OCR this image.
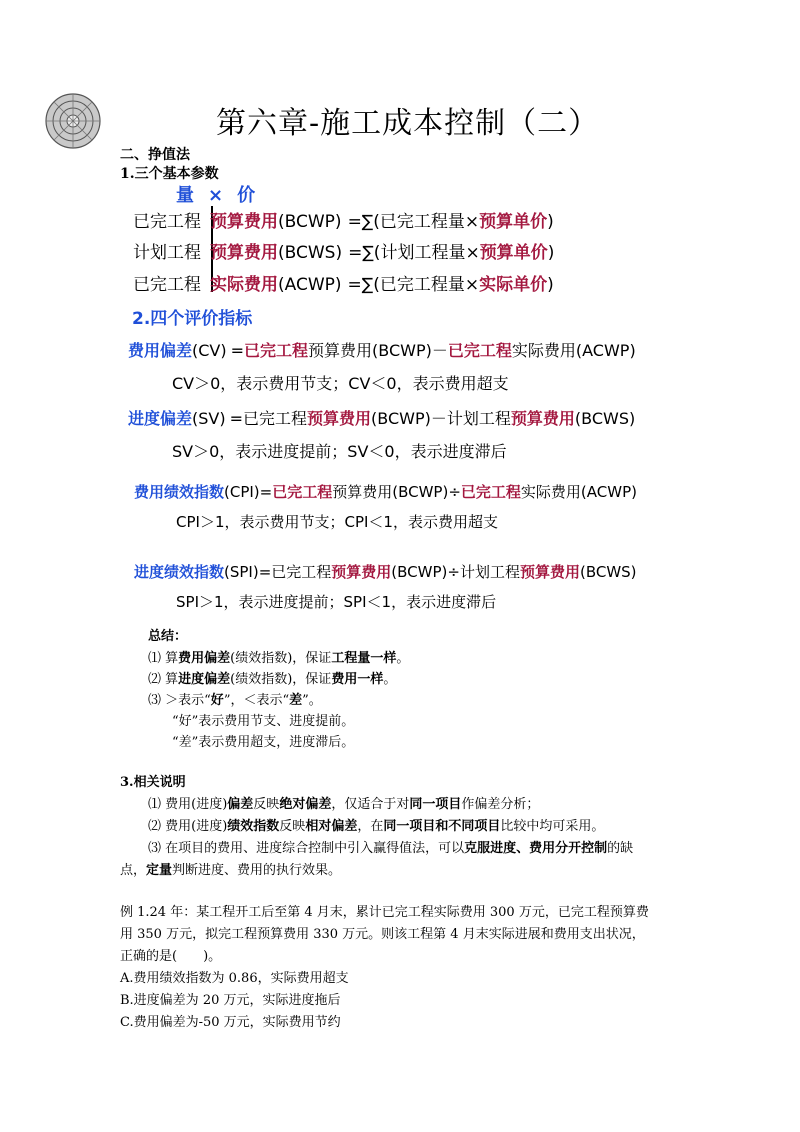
第六章-施工成本控制（二）
二、挣值法
1.三个基本参数
量 × 价
已完工程 预算费用(BCWP) =∑(已完工程量×预算单价)
计划工程 预算费用(BCWS) =∑(计划工程量×预算单价)
已完工程 实际费用(ACWP) =∑(已完工程量×实际单价)
2.四个评价指标
费用偏差(CV) =已完工程预算费用(BCWP)－已完工程实际费用(ACWP)
CV＞0，表示费用节支；CV＜0，表示费用超支
进度偏差(SV) =已完工程预算费用(BCWP)－计划工程预算费用(BCWS)
SV＞0，表示进度提前；SV＜0，表示进度滞后
费用绩效指数(CPI)=已完工程预算费用(BCWP)÷已完工程实际费用(ACWP)
CPI＞1，表示费用节支；CPI＜1，表示费用超支
进度绩效指数(SPI)=已完工程预算费用(BCWP)÷计划工程预算费用(BCWS)
SPI＞1，表示进度提前；SPI＜1，表示进度滞后
总结：
⑴ 算费用偏差(绩效指数)，保证工程量一样。
⑵ 算进度偏差(绩效指数)，保证费用一样。
⑶ ＞表示“好”，＜表示“差”。
“好”表示费用节支、进度提前。
“差”表示费用超支，进度滞后。
3.相关说明
⑴ 费用(进度)偏差反映绝对偏差，仅适合于对同一项目作偏差分析；
⑵ 费用(进度)绩效指数反映相对偏差，在同一项目和不同项目比较中均可采用。
⑶ 在项目的费用、进度综合控制中引入赢得值法，可以克服进度、费用分开控制的缺
点，定量判断进度、费用的执行效果。
例 1.24 年：某工程开工后至第 4 月末，累计已完工程实际费用 300 万元，已完工程预算费
用 350 万元，拟完工程预算费用 330 万元。则该工程第 4 月末实际进展和费用支出状况，
正确的是(　　)。
A.费用绩效指数为 0.86，实际费用超支
B.进度偏差为 20 万元，实际进度拖后
C.费用偏差为-50 万元，实际费用节约
